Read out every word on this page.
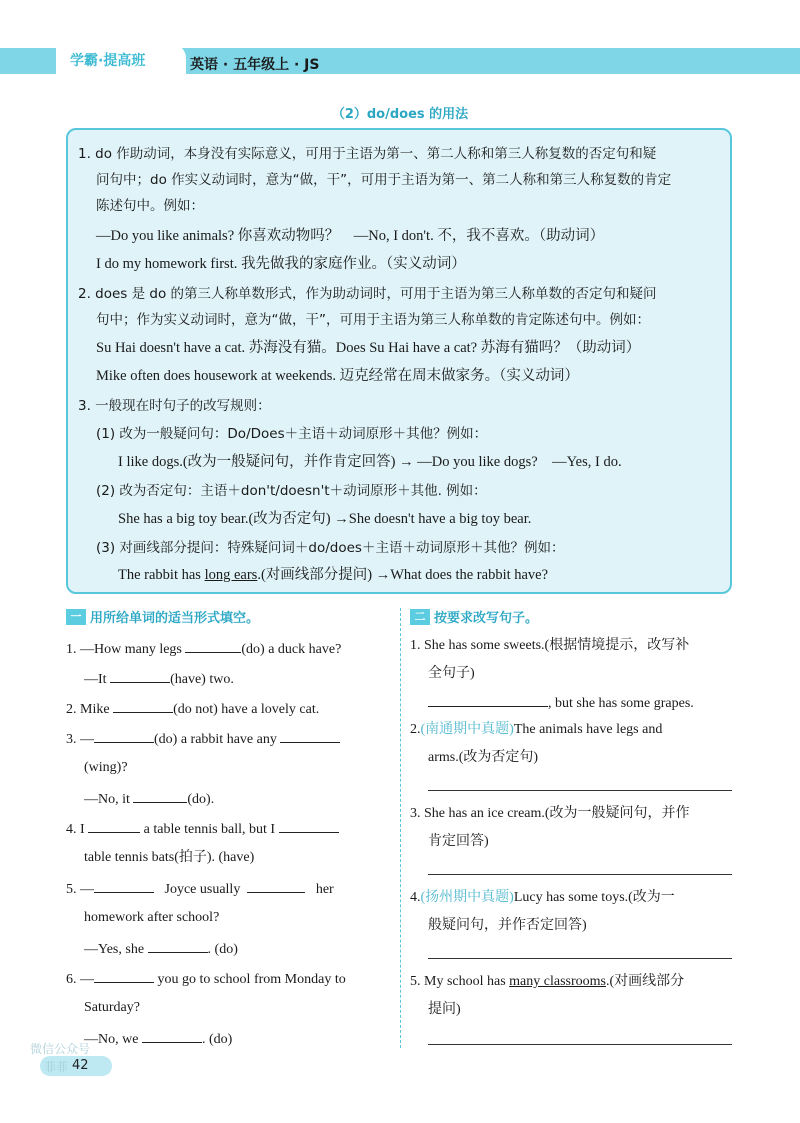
学霸·提高班	英语 · 五年级上 · JS
（2）do/does 的用法
1. do 作助动词，本身没有实际意义，可用于主语为第一、第二人称和第三人称复数的否定句和疑
问句中；do 作实义动词时，意为“做，干”，可用于主语为第一、第二人称和第三人称复数的肯定
陈述句中。例如：
—Do you like animals? 你喜欢动物吗？　—No, I don't. 不，我不喜欢。（助动词）
I do my homework first. 我先做我的家庭作业。（实义动词）
2. does 是 do 的第三人称单数形式，作为助动词时，可用于主语为第三人称单数的否定句和疑问
句中；作为实义动词时，意为“做，干”，可用于主语为第三人称单数的肯定陈述句中。例如：
Su Hai doesn't have a cat. 苏海没有猫。Does Su Hai have a cat? 苏海有猫吗？（助动词）
Mike often does housework at weekends. 迈克经常在周末做家务。（实义动词）
3. 一般现在时句子的改写规则：
(1) 改为一般疑问句：Do/Does＋主语＋动词原形＋其他？例如：
I like dogs.(改为一般疑问句，并作肯定回答) → —Do you like dogs?　—Yes, I do.
(2) 改为否定句：主语＋don't/doesn't＋动词原形＋其他. 例如：
She has a big toy bear.(改为否定句) →She doesn't have a big toy bear.
(3) 对画线部分提问：特殊疑问词＋do/does＋主语＋动词原形＋其他？例如：
The rabbit has long ears.(对画线部分提问) →What does the rabbit have?
一 用所给单词的适当形式填空。
1. —How many legs	(do) a duck have?
—It	(have) two.
2. Mike	(do not) have a lovely cat.
3. —	(do) a rabbit have any
(wing)?
—No, it	(do).
4. I	a table tennis ball, but I
table tennis bats(拍子). (have)
5. —	Joyce usually	her
homework after school?
—Yes, she	. (do)
6. —	you go to school from Monday to
Saturday?
—No, we	. (do)
二 按要求改写句子。
1. She has some sweets.(根据情境提示，改写补
全句子)
, but she has some grapes.
2.(南通期中真题)The animals have legs and
arms.(改为否定句)
3. She has an ice cream.(改为一般疑问句，并作
肯定回答)
4.(扬州期中真题)Lucy has some toys.(改为一
般疑问句，并作否定回答)
5. My school has many classrooms.(对画线部分
提问)
42
微信公众号
菲菲
